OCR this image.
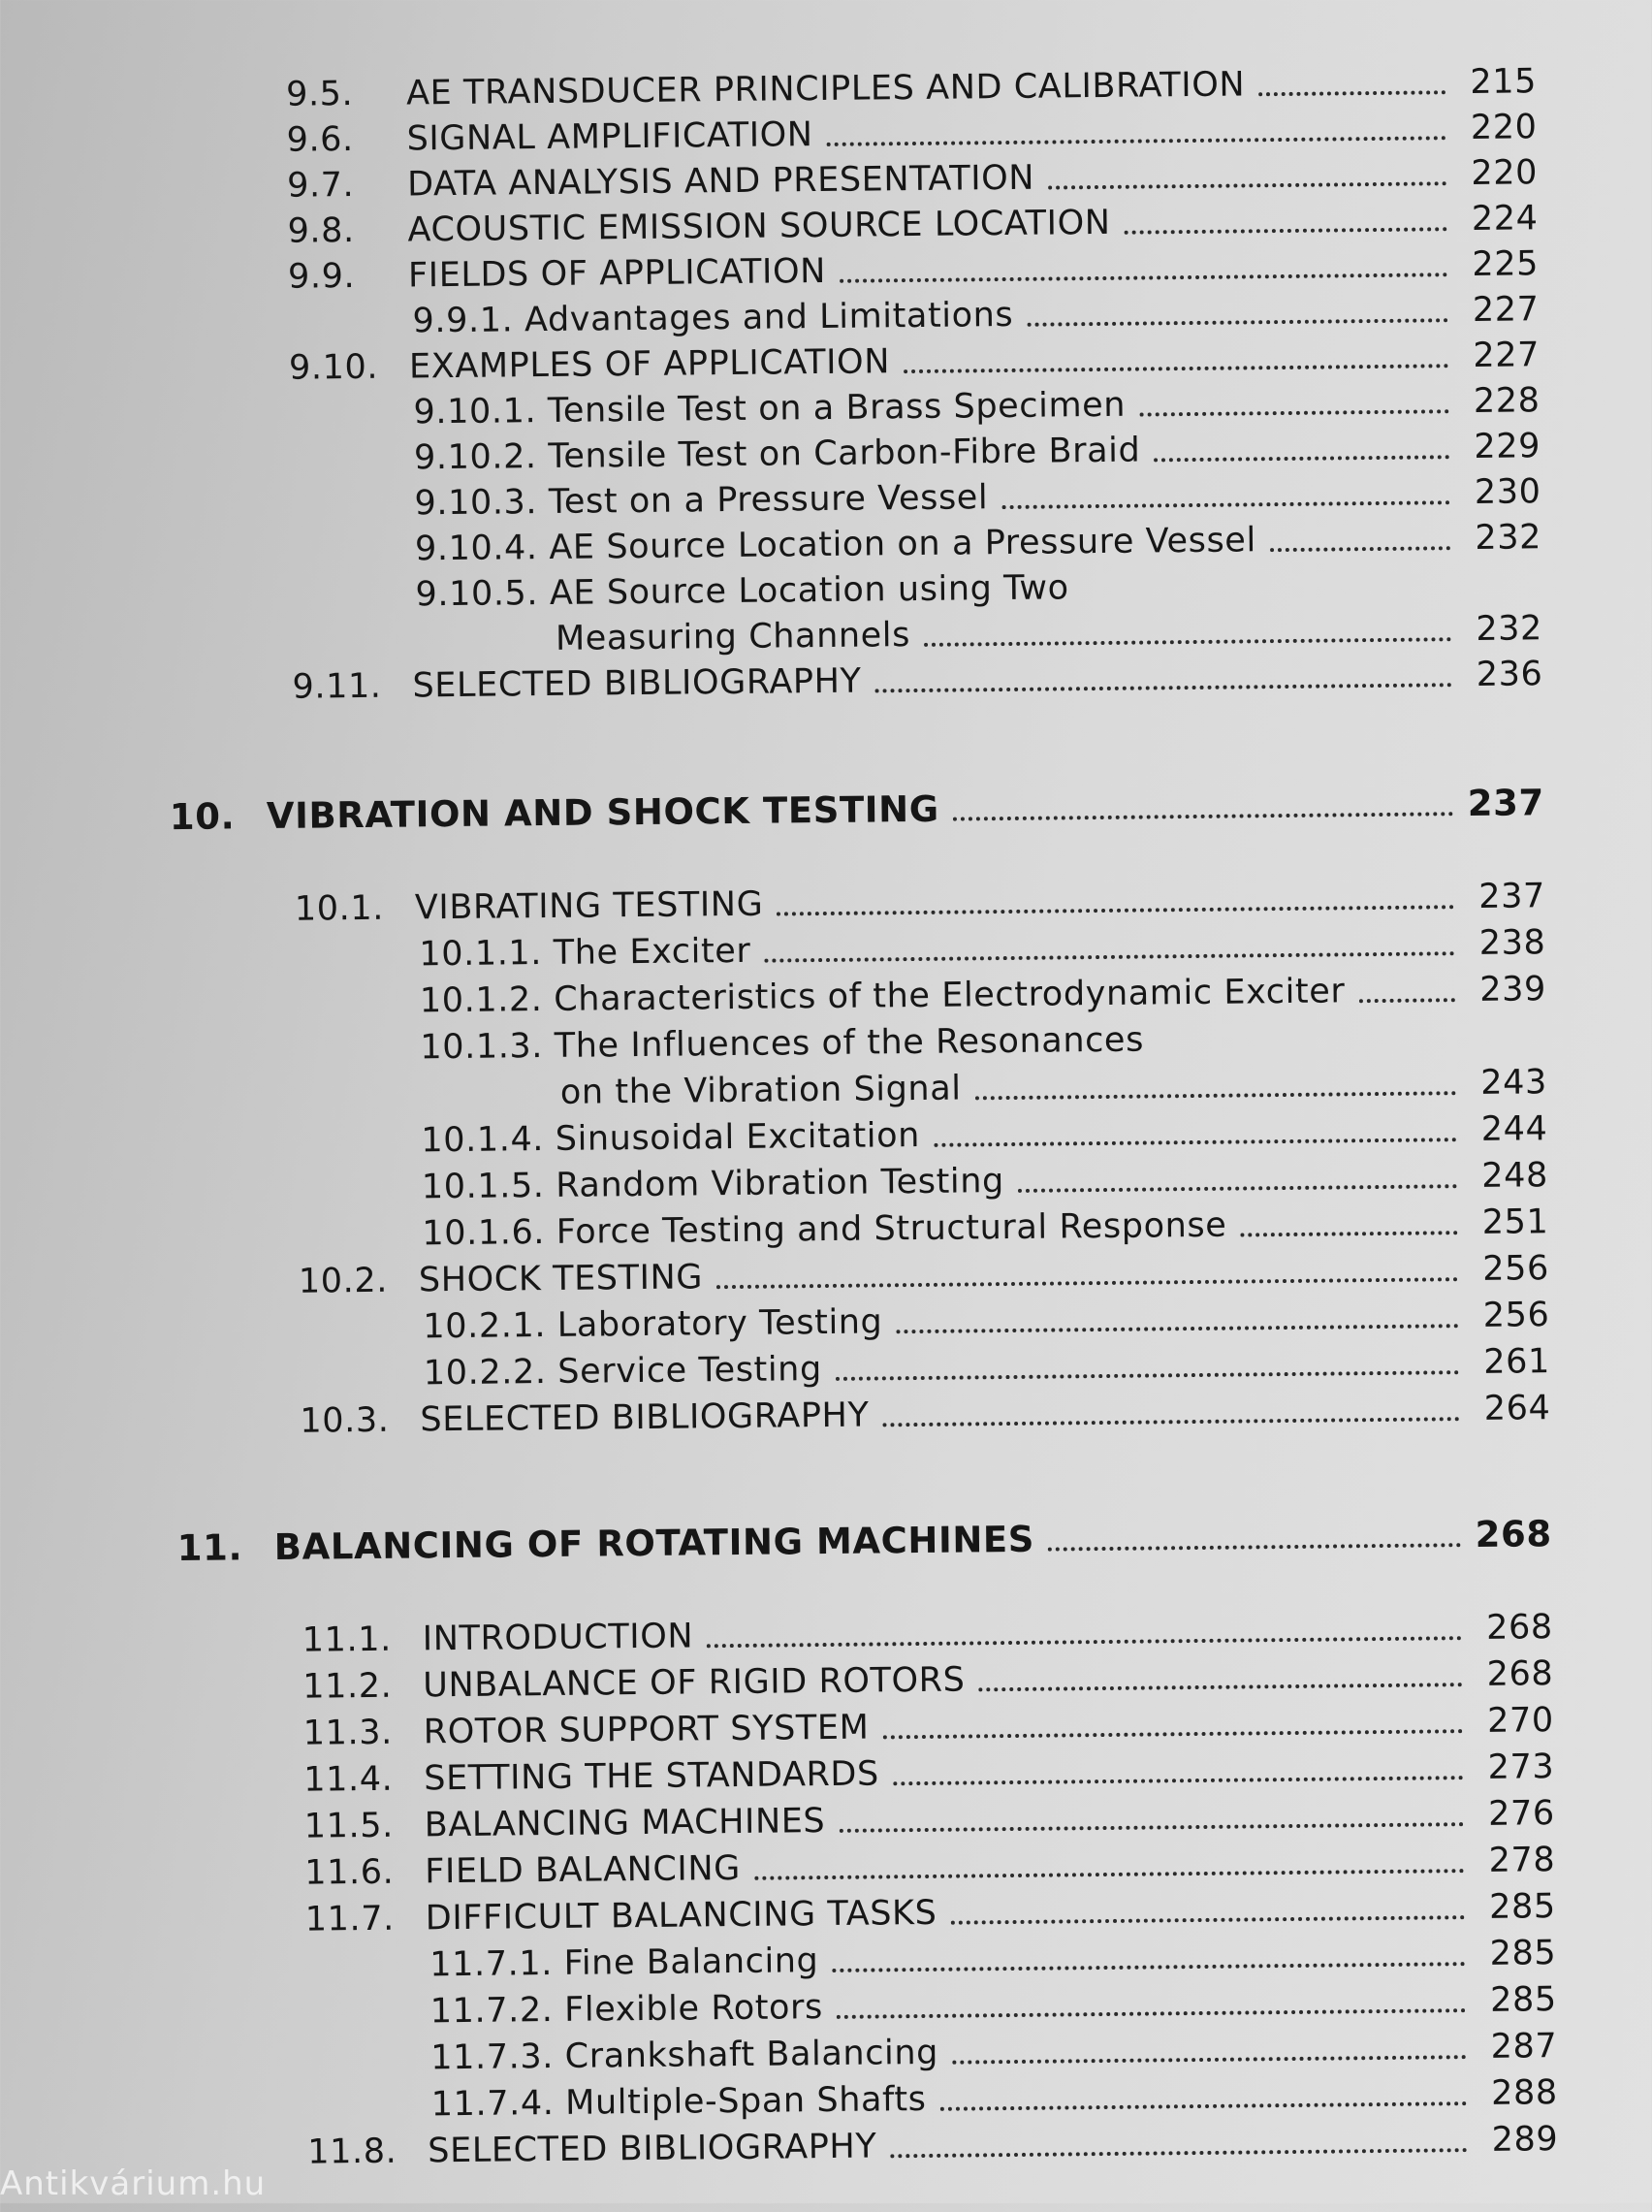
9.5. AE TRANSDUCER PRINCIPLES AND CALIBRATION	215
9.6. SIGNAL AMPLIFICATION	220
9.7. DATA ANALYSIS AND PRESENTATION	220
9.8. ACOUSTIC EMISSION SOURCE LOCATION	224
9.9. FIELDS OF APPLICATION	225
9.9.1. Advantages and Limitations	227
9.10. EXAMPLES OF APPLICATION	227
9.10.1. Tensile Test on a Brass Specimen	228
9.10.2. Tensile Test on Carbon-Fibre Braid	229
9.10.3. Test on a Pressure Vessel	230
9.10.4. AE Source Location on a Pressure Vessel	232
9.10.5. AE Source Location using Two
Measuring Channels	232
9.11. SELECTED BIBLIOGRAPHY	236
10. VIBRATION AND SHOCK TESTING	237
10.1. VIBRATING TESTING	237
10.1.1. The Exciter	238
10.1.2. Characteristics of the Electrodynamic Exciter	239
10.1.3. The Influences of the Resonances
on the Vibration Signal	243
10.1.4. Sinusoidal Excitation	244
10.1.5. Random Vibration Testing	248
10.1.6. Force Testing and Structural Response	251
10.2. SHOCK TESTING	256
10.2.1. Laboratory Testing	256
10.2.2. Service Testing	261
10.3. SELECTED BIBLIOGRAPHY	264
11. BALANCING OF ROTATING MACHINES	268
11.1. INTRODUCTION	268
11.2. UNBALANCE OF RIGID ROTORS	268
11.3. ROTOR SUPPORT SYSTEM	270
11.4. SETTING THE STANDARDS	273
11.5. BALANCING MACHINES	276
11.6. FIELD BALANCING	278
11.7. DIFFICULT BALANCING TASKS	285
11.7.1. Fine Balancing	285
11.7.2. Flexible Rotors	285
11.7.3. Crankshaft Balancing	287
11.7.4. Multiple-Span Shafts	288
11.8. SELECTED BIBLIOGRAPHY	289
Antikvárium.hu
